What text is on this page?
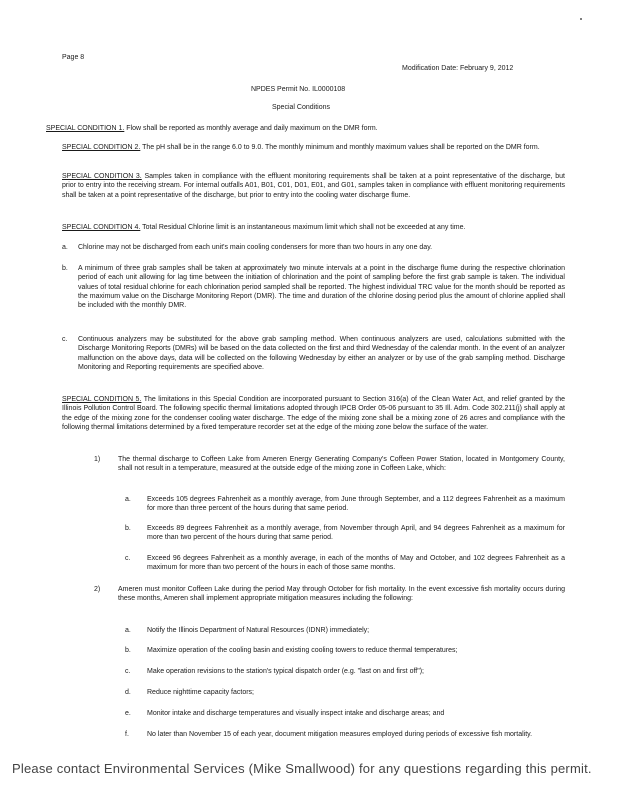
Page 8
Modification Date: February 9, 2012
NPDES Permit No. IL0000108
Special Conditions
SPECIAL CONDITION 1. Flow shall be reported as monthly average and daily maximum on the DMR form.
SPECIAL CONDITION 2. The pH shall be in the range 6.0 to 9.0. The monthly minimum and monthly maximum values shall be reported on the DMR form.
SPECIAL CONDITION 3. Samples taken in compliance with the effluent monitoring requirements shall be taken at a point representative of the discharge, but prior to entry into the receiving stream. For internal outfalls A01, B01, C01, D01, E01, and G01, samples taken in compliance with effluent monitoring requirements shall be taken at a point representative of the discharge, but prior to entry into the cooling water discharge flume.
SPECIAL CONDITION 4. Total Residual Chlorine limit is an instantaneous maximum limit which shall not be exceeded at any time.
a. Chlorine may not be discharged from each unit's main cooling condensers for more than two hours in any one day.
b. A minimum of three grab samples shall be taken at approximately two minute intervals at a point in the discharge flume during the respective chlorination period of each unit allowing for lag time between the initiation of chlorination and the point of sampling before the first grab sample is taken. The individual values of total residual chlorine for each chlorination period sampled shall be reported. The highest individual TRC value for the month should be reported as the maximum value on the Discharge Monitoring Report (DMR). The time and duration of the chlorine dosing period plus the amount of chlorine applied shall be included with the monthly DMR.
c. Continuous analyzers may be substituted for the above grab sampling method. When continuous analyzers are used, calculations submitted with the Discharge Monitoring Reports (DMRs) will be based on the data collected on the first and third Wednesday of the calendar month. In the event of an analyzer malfunction on the above days, data will be collected on the following Wednesday by either an analyzer or by use of the grab sampling method. Discharge Monitoring and Reporting requirements are specified above.
SPECIAL CONDITION 5. The limitations in this Special Condition are incorporated pursuant to Section 316(a) of the Clean Water Act, and relief granted by the Illinois Pollution Control Board. The following specific thermal limitations adopted through IPCB Order 05-06 pursuant to 35 Ill. Adm. Code 302.211(j) shall apply at the edge of the mixing zone for the condenser cooling water discharge. The edge of the mixing zone shall be a mixing zone of 26 acres and compliance with the following thermal limitations determined by a fixed temperature recorder set at the edge of the mixing zone below the surface of the water.
1)	The thermal discharge to Coffeen Lake from Ameren Energy Generating Company's Coffeen Power Station, located in Montgomery County, shall not result in a temperature, measured at the outside edge of the mixing zone in Coffeen Lake, which:
a. Exceeds 105 degrees Fahrenheit as a monthly average, from June through September, and a 112 degrees Fahrenheit as a maximum for more than three percent of the hours during that same period.
b. Exceeds 89 degrees Fahrenheit as a monthly average, from November through April, and 94 degrees Fahrenheit as a maximum for more than two percent of the hours during that same period.
c. Exceed 96 degrees Fahrenheit as a monthly average, in each of the months of May and October, and 102 degrees Fahrenheit as a maximum for more than two percent of the hours in each of those same months.
2)	Ameren must monitor Coffeen Lake during the period May through October for fish mortality. In the event excessive fish mortality occurs during these months, Ameren shall implement appropriate mitigation measures including the following:
a. Notify the Illinois Department of Natural Resources (IDNR) immediately;
b. Maximize operation of the cooling basin and existing cooling towers to reduce thermal temperatures;
c. Make operation revisions to the station's typical dispatch order (e.g. "last on and first off");
d. Reduce nighttime capacity factors;
e. Monitor intake and discharge temperatures and visually inspect intake and discharge areas; and
f.	No later than November 15 of each year, document mitigation measures employed during periods of excessive fish mortality.
Please contact Environmental Services (Mike Smallwood) for any questions regarding this permit.
